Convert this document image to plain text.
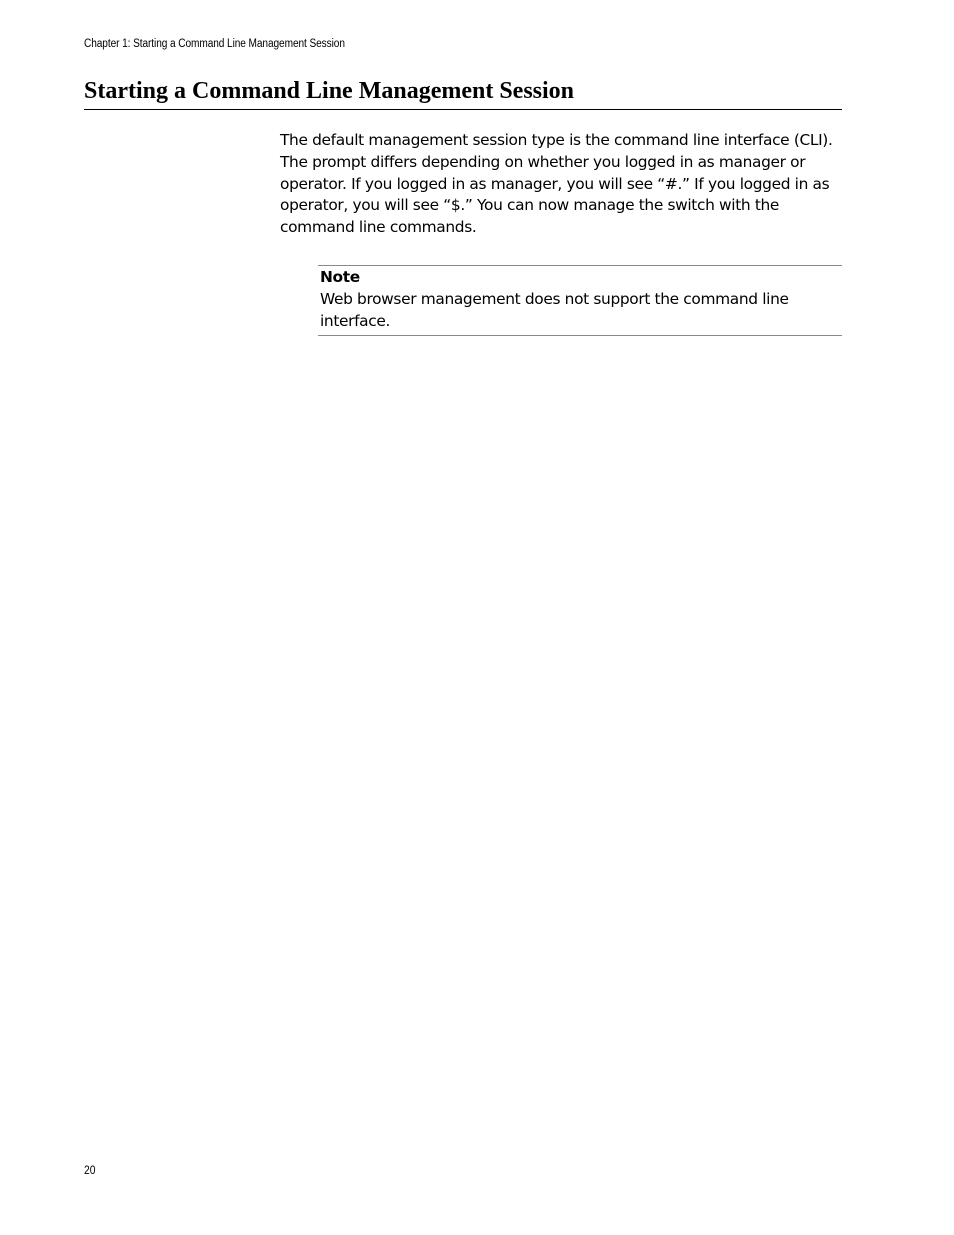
Chapter 1: Starting a Command Line Management Session
Starting a Command Line Management Session

The default management session type is the command line interface (CLI). The prompt differs depending on whether you logged in as manager or operator. If you logged in as manager, you will see “#.” If you logged in as operator, you will see “$.” You can now manage the switch with the command line commands.

Note
Web browser management does not support the command line interface.
20
